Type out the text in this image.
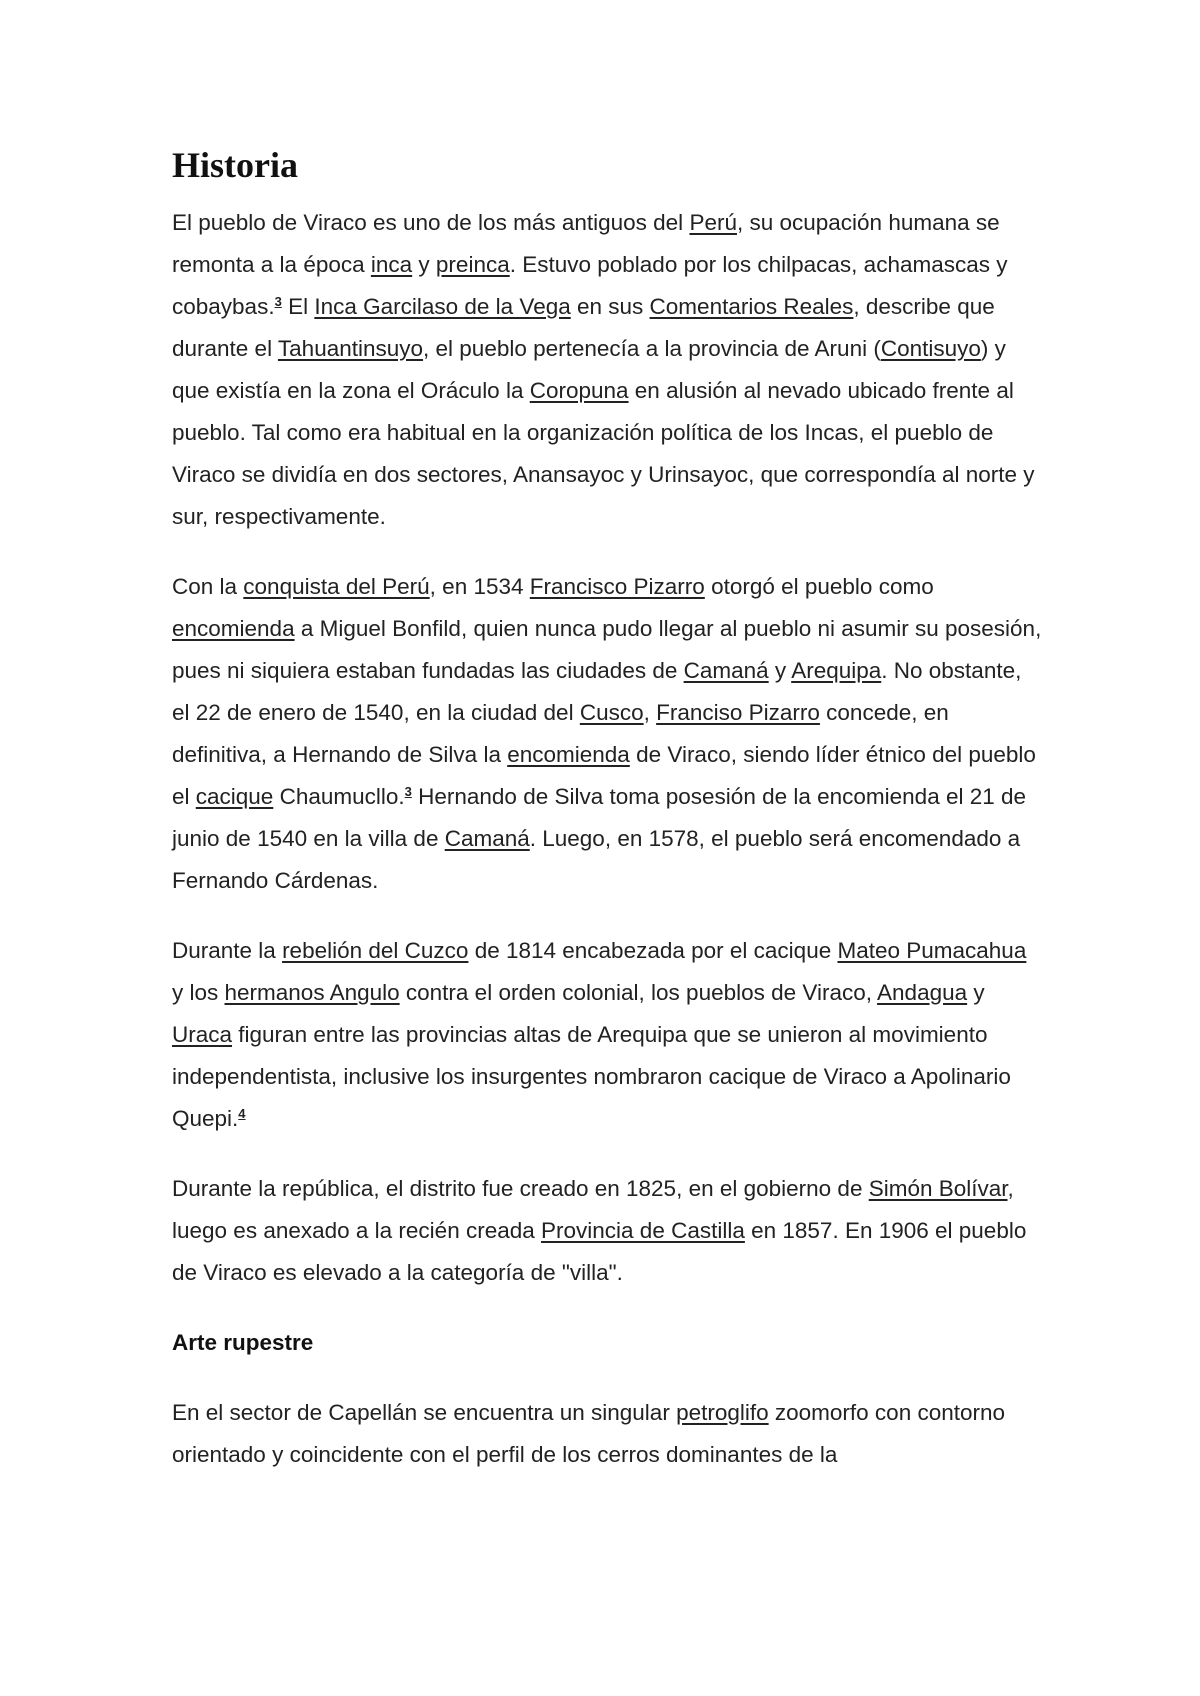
Historia

El pueblo de Viraco es uno de los más antiguos del Perú, su ocupación humana se remonta a la época inca y preinca. Estuvo poblado por los chilpacas, achamascas y cobaybas.$^3$ El Inca Garcilaso de la Vega en sus Comentarios Reales, describe que durante el Tahuantinsuyo, el pueblo pertenecía a la provincia de Aruni (Contisuyo) y que existía en la zona el Oráculo la Coropuna en alusión al nevado ubicado frente al pueblo. Tal como era habitual en la organización política de los Incas, el pueblo de Viraco se dividía en dos sectores, Anansayoc y Urinsayoc, que correspondía al norte y sur, respectivamente.

Con la conquista del Perú, en 1534 Francisco Pizarro otorgó el pueblo como encomienda a Miguel Bonfild, quien nunca pudo llegar al pueblo ni asumir su posesión, pues ni siquiera estaban fundadas las ciudades de Camaná y Arequipa. No obstante, el 22 de enero de 1540, en la ciudad del Cusco, Franciso Pizarro concede, en definitiva, a Hernando de Silva la encomienda de Viraco, siendo líder étnico del pueblo el cacique Chaumucllo.$^3$ Hernando de Silva toma posesión de la encomienda el 21 de junio de 1540 en la villa de Camaná. Luego, en 1578, el pueblo será encomendado a Fernando Cárdenas.

Durante la rebelión del Cuzco de 1814 encabezada por el cacique Mateo Pumacahua y los hermanos Angulo contra el orden colonial, los pueblos de Viraco, Andagua y Uraca figuran entre las provincias altas de Arequipa que se unieron al movimiento independentista, inclusive los insurgentes nombraron cacique de Viraco a Apolinario Quepi.$^4$

Durante la república, el distrito fue creado en 1825, en el gobierno de Simón Bolívar, luego es anexado a la recién creada Provincia de Castilla en 1857. En 1906 el pueblo de Viraco es elevado a la categoría de "villa".

Arte rupestre

En el sector de Capellán se encuentra un singular petroglifo zoomorfo con contorno orientado y coincidente con el perfil de los cerros dominantes de la
